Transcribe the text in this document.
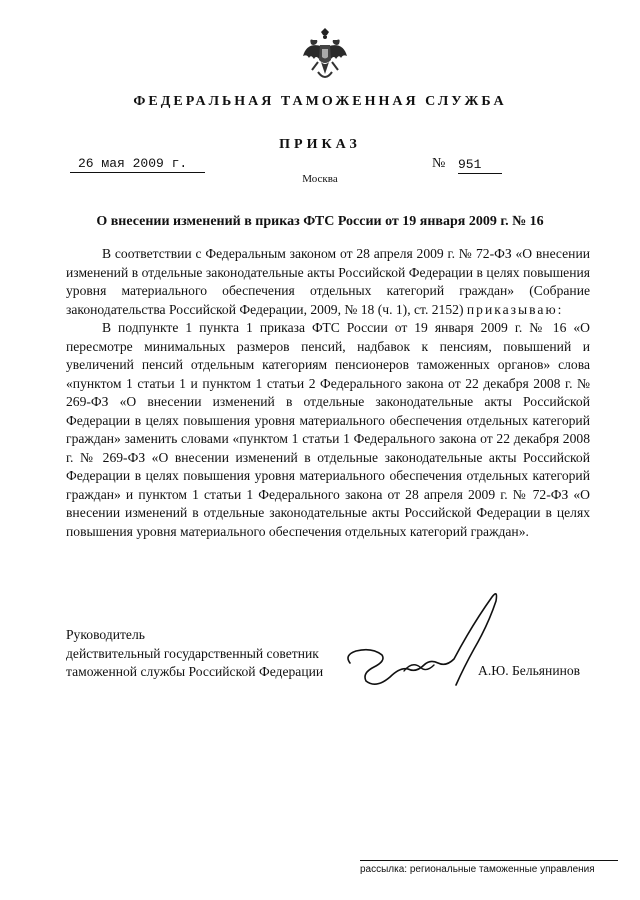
ФЕДЕРАЛЬНАЯ ТАМОЖЕННАЯ СЛУЖБА
ПРИКАЗ
26 мая 2009 г.	№ 951
Москва
О внесении изменений в приказ ФТС России от 19 января 2009 г. № 16

В соответствии с Федеральным законом от 28 апреля 2009 г. № 72-ФЗ «О внесении изменений в отдельные законодательные акты Российской Федерации в целях повышения уровня материального обеспечения отдельных категорий граждан» (Собрание законодательства Российской Федерации, 2009, № 18 (ч. 1), ст. 2152) приказываю:

В подпункте 1 пункта 1 приказа ФТС России от 19 января 2009 г. № 16 «О пересмотре минимальных размеров пенсий, надбавок к пенсиям, повышений и увеличений пенсий отдельным категориям пенсионеров таможенных органов» слова «пунктом 1 статьи 1 и пунктом 1 статьи 2 Федерального закона от 22 декабря 2008 г. № 269-ФЗ «О внесении изменений в отдельные законодательные акты Российской Федерации в целях повышения уровня материального обеспечения отдельных категорий граждан» заменить словами «пунктом 1 статьи 1 Федерального закона от 22 декабря 2008 г. № 269-ФЗ «О внесении изменений в отдельные законодательные акты Российской Федерации в целях повышения уровня материального обеспечения отдельных категорий граждан» и пунктом 1 статьи 1 Федерального закона от 28 апреля 2009 г. № 72-ФЗ «О внесении изменений в отдельные законодательные акты Российской Федерации в целях повышения уровня материального обеспечения отдельных категорий граждан».

Руководитель
действительный государственный советник
таможенной службы Российской Федерации	А.Ю. Бельянинов
рассылка: региональные таможенные управления
